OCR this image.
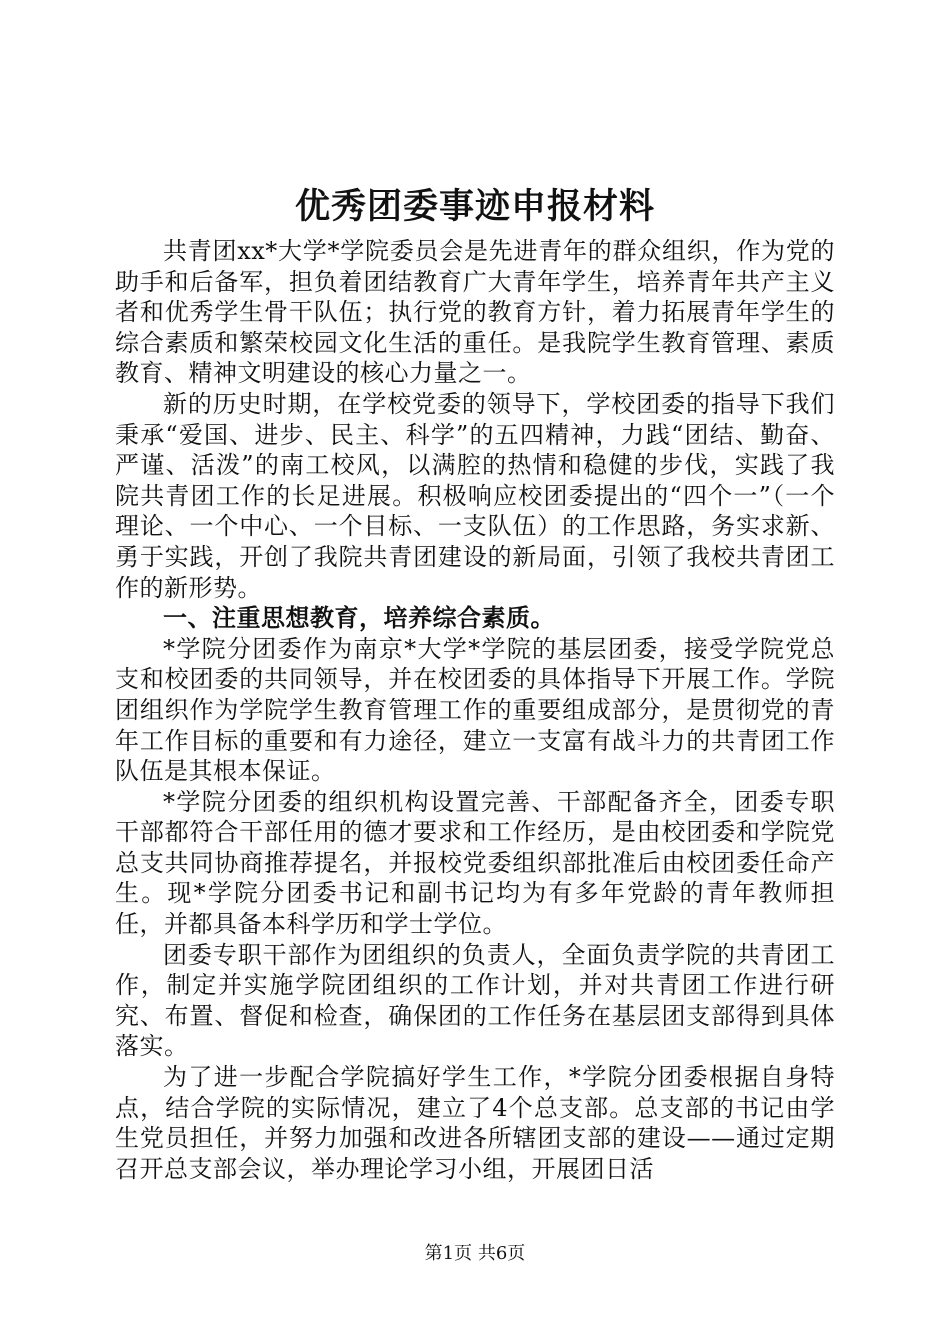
优秀团委事迹申报材料

共青团xx*大学*学院委员会是先进青年的群众组织，作为党的助手和后备军，担负着团结教育广大青年学生，培养青年共产主义者和优秀学生骨干队伍；执行党的教育方针，着力拓展青年学生的综合素质和繁荣校园文化生活的重任。是我院学生教育管理、素质教育、精神文明建设的核心力量之一。

新的历史时期，在学校党委的领导下，学校团委的指导下我们秉承“爱国、进步、民主、科学”的五四精神，力践“团结、勤奋、严谨、活泼”的南工校风，以满腔的热情和稳健的步伐，实践了我院共青团工作的长足进展。积极响应校团委提出的“四个一”（一个理论、一个中心、一个目标、一支队伍）的工作思路，务实求新、勇于实践，开创了我院共青团建设的新局面，引领了我校共青团工作的新形势。

一、注重思想教育，培养综合素质。

*学院分团委作为南京*大学*学院的基层团委，接受学院党总支和校团委的共同领导，并在校团委的具体指导下开展工作。学院团组织作为学院学生教育管理工作的重要组成部分，是贯彻党的青年工作目标的重要和有力途径，建立一支富有战斗力的共青团工作队伍是其根本保证。

*学院分团委的组织机构设置完善、干部配备齐全，团委专职干部都符合干部任用的德才要求和工作经历，是由校团委和学院党总支共同协商推荐提名，并报校党委组织部批准后由校团委任命产生。现*学院分团委书记和副书记均为有多年党龄的青年教师担任，并都具备本科学历和学士学位。

团委专职干部作为团组织的负责人，全面负责学院的共青团工作，制定并实施学院团组织的工作计划，并对共青团工作进行研究、布置、督促和检查，确保团的工作任务在基层团支部得到具体落实。

为了进一步配合学院搞好学生工作，*学院分团委根据自身特点，结合学院的实际情况，建立了4个总支部。总支部的书记由学生党员担任，并努力加强和改进各所辖团支部的建设——通过定期召开总支部会议，举办理论学习小组，开展团日活

第1页 共6页
